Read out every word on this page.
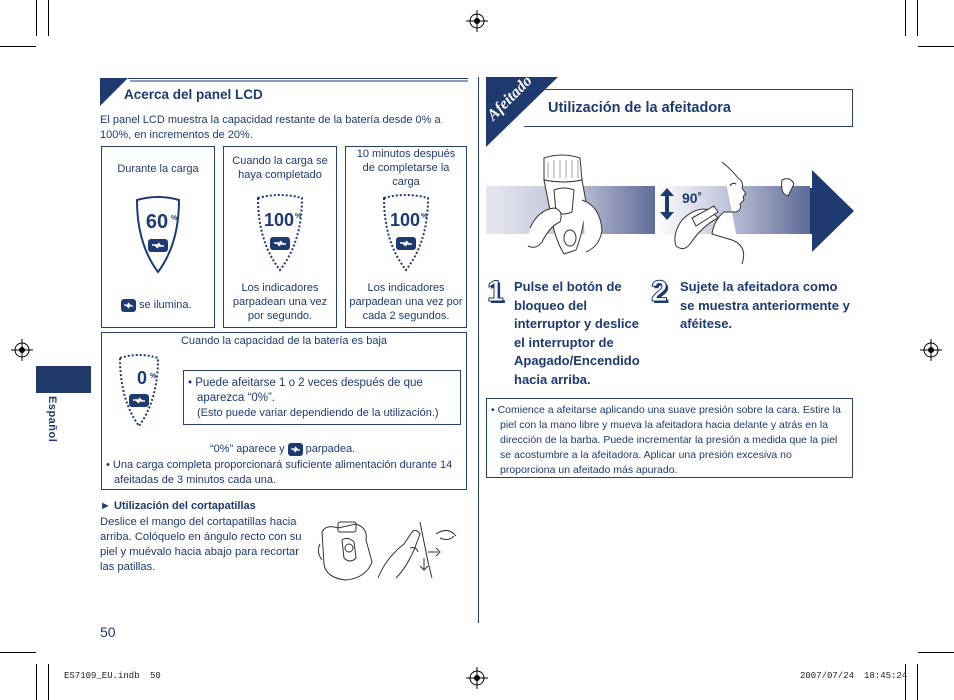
Acerca del panel LCD
El panel LCD muestra la capacidad restante de la batería desde 0% a 100%, en incrementos de 20%.
Durante la carga
60 %
se ilumina.
Cuando la carga se haya completado
100 %
Los indicadores parpadean una vez por segundo.
10 minutos después de completarse la carga
100 %
Los indicadores parpadean una vez por cada 2 segundos.
Cuando la capacidad de la batería es baja
0 %
• Puede afeitarse 1 o 2 veces después de que
aparezca “0%”.
(Esto puede variar dependiendo de la utilización.)
“0%” aparece y parpadea.
• Una carga completa proporcionará suficiente alimentación durante 14 afeitadas de 3 minutos cada una.
► Utilización del cortapatillas
Deslice el mango del cortapatillas hacia arriba. Colóquelo en ángulo recto con su piel y muévalo hacia abajo para recortar las patillas.
Español
50
Afeitado Utilización de la afeitadora
90˚
1 Pulse el botón de bloqueo del interruptor y deslice el interruptor de Apagado/Encendido hacia arriba.
2 Sujete la afeitadora como se muestra anteriormente y aféitese.
• Comience a afeitarse aplicando una suave presión sobre la cara. Estire la piel con la mano libre y mueva la afeitadora hacia delante y atrás en la dirección de la barba. Puede incrementar la presión a medida que la piel se acostumbre a la afeitadora. Aplicar una presión excesiva no proporciona un afeitado más apurado.
ES7109_EU.indb 50	2007/07/24 18:45:24
